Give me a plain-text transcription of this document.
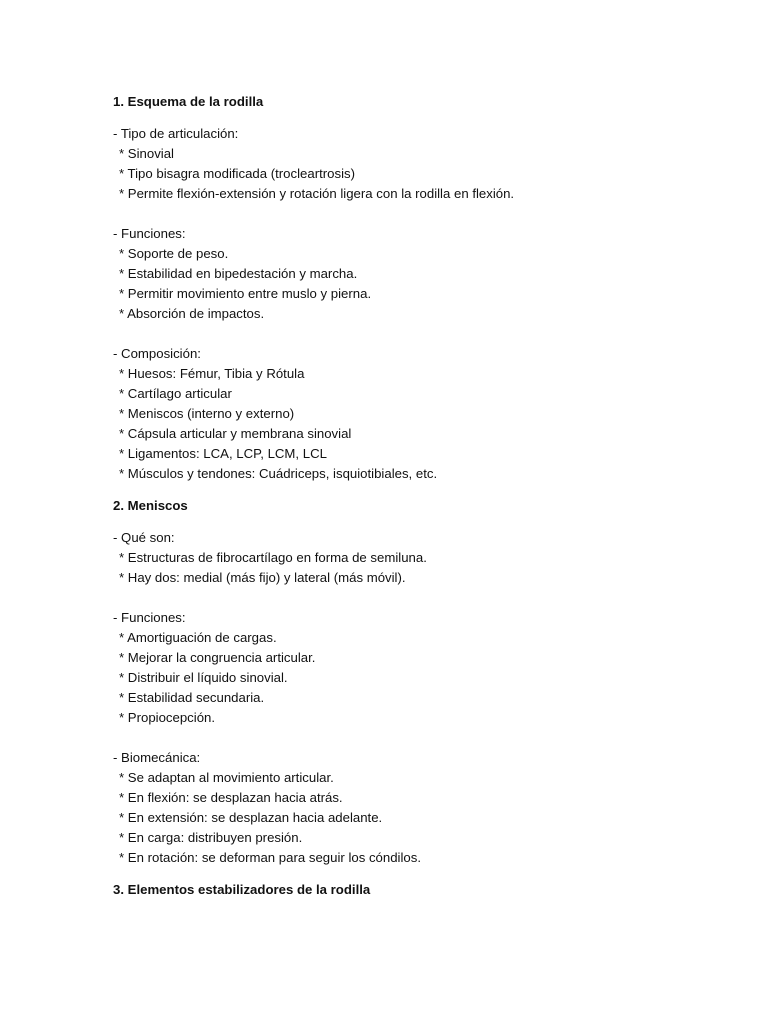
1. Esquema de la rodilla
- Tipo de articulación:
* Sinovial
* Tipo bisagra modificada (trocleartrosis)
* Permite flexión-extensión y rotación ligera con la rodilla en flexión.
- Funciones:
* Soporte de peso.
* Estabilidad en bipedestación y marcha.
* Permitir movimiento entre muslo y pierna.
* Absorción de impactos.
- Composición:
* Huesos: Fémur, Tibia y Rótula
* Cartílago articular
* Meniscos (interno y externo)
* Cápsula articular y membrana sinovial
* Ligamentos: LCA, LCP, LCM, LCL
* Músculos y tendones: Cuádriceps, isquiotibiales, etc.
2. Meniscos
- Qué son:
* Estructuras de fibrocartílago en forma de semiluna.
* Hay dos: medial (más fijo) y lateral (más móvil).
- Funciones:
* Amortiguación de cargas.
* Mejorar la congruencia articular.
* Distribuir el líquido sinovial.
* Estabilidad secundaria.
* Propiocepción.
- Biomecánica:
* Se adaptan al movimiento articular.
* En flexión: se desplazan hacia atrás.
* En extensión: se desplazan hacia adelante.
* En carga: distribuyen presión.
* En rotación: se deforman para seguir los cóndilos.
3. Elementos estabilizadores de la rodilla
